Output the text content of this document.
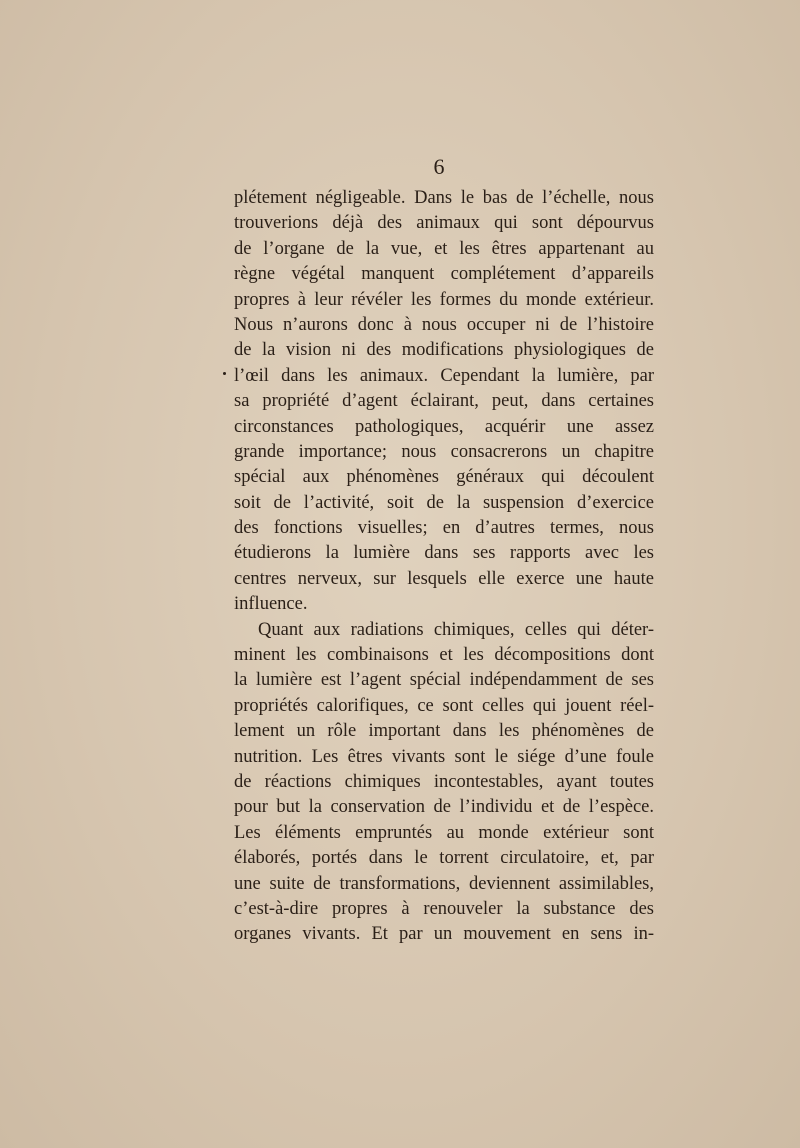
6
plétement négligeable. Dans le bas de l’échelle, nous
trouverions déjà des animaux qui sont dépourvus
de l’organe de la vue, et les êtres appartenant au
règne végétal manquent complétement d’appareils
propres à leur révéler les formes du monde extérieur.
Nous n’aurons donc à nous occuper ni de l’histoire
de la vision ni des modifications physiologiques de
l’œil dans les animaux. Cependant la lumière, par
sa propriété d’agent éclairant, peut, dans certaines
circonstances pathologiques, acquérir une assez
grande importance; nous consacrerons un chapitre
spécial aux phénomènes généraux qui découlent
soit de l’activité, soit de la suspension d’exercice
des fonctions visuelles; en d’autres termes, nous
étudierons la lumière dans ses rapports avec les
centres nerveux, sur lesquels elle exerce une haute
influence.
Quant aux radiations chimiques, celles qui déter-
minent les combinaisons et les décompositions dont
la lumière est l’agent spécial indépendamment de ses
propriétés calorifiques, ce sont celles qui jouent réel-
lement un rôle important dans les phénomènes de
nutrition. Les êtres vivants sont le siége d’une foule
de réactions chimiques incontestables, ayant toutes
pour but la conservation de l’individu et de l’espèce.
Les éléments empruntés au monde extérieur sont
élaborés, portés dans le torrent circulatoire, et, par
une suite de transformations, deviennent assimilables,
c’est-à-dire propres à renouveler la substance des
organes vivants. Et par un mouvement en sens in-
